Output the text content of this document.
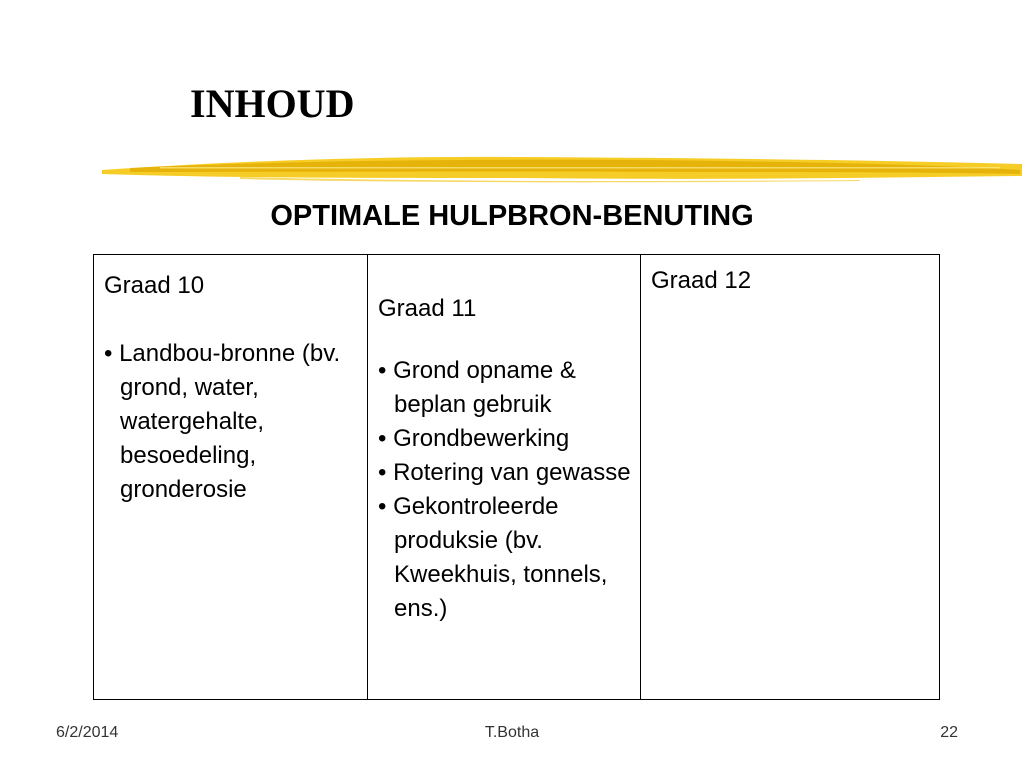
INHOUD
OPTIMALE HULPBRON-BENUTING

Graad 10

• Landbou-bronne (bv. grond, water, watergehalte, besoedeling, gronderosie

Graad 11

• Grond opname & beplan gebruik
• Grondbewerking
• Rotering van gewasse
• Gekontroleerde produksie (bv. Kweekhuis, tonnels, ens.)

Graad 12

6/2/2014	T.Botha	22
